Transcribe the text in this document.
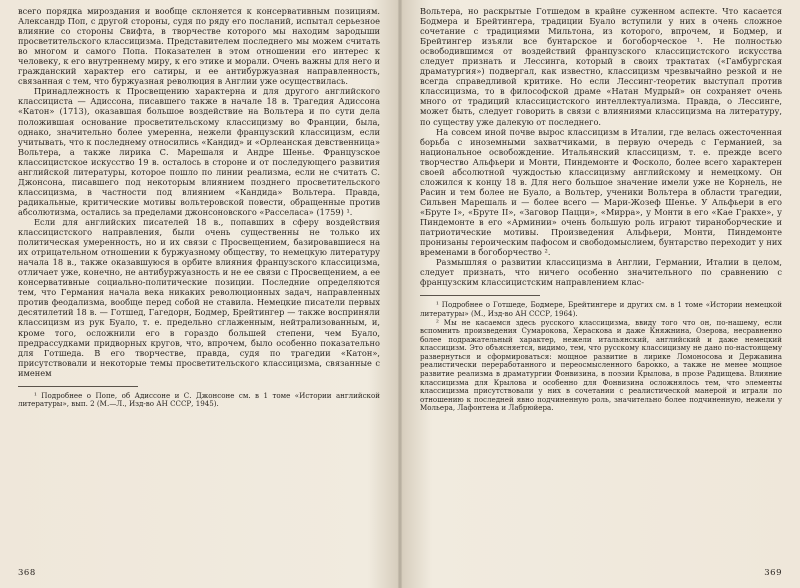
всего порядка мироздания и вообще склоняется к консервативным позициям. Александр Поп, с другой стороны, судя по ряду его посланий, испытал серьезное влияние со стороны Свифта, в творчестве которого мы находим зародыши просветительского классицизма. Представителем последнего мы можем считать во многом и самого Попа. Показателен в этом отношении его интерес к человеку, к его внутреннему миру, к его этике и морали. Очень важны для него и гражданский характер его сатиры, и ее антибуржуазная направленность, связанная с тем, что буржуазная революция в Англии уже осуществилась.

Принадлежность к Просвещению характерна и для другого английского классициста — Адиссона, писавшего также в начале 18 в. Трагедия Адиссона «Катон» (1713), оказавшая большое воздействие на Вольтера и по сути дела положившая основание просветительскому классицизму во Франции, была, однако, значительно более умеренна, нежели французский классицизм, если учитывать, что к последнему относились «Кандид» и «Орлеанская девственница» Вольтера, а также лирика С. Марешаля и Андре Шенье. Французское классицистское искусство 19 в. осталось в стороне и от последующего развития английской литературы, которое пошло по линии реализма, если не считать С. Джонсона, писавшего под некоторым влиянием позднего просветительского классицизма, в частности под влиянием «Кандида» Вольтера. Правда, радикальные, критические мотивы вольтеровской повести, обращенные против абсолютизма, остались за пределами джонсоновского «Расселаса» (1759) ¹.

Если для английских писателей 18 в., попавших в сферу воздействия классицистского направления, были очень существенны не только их политическая умеренность, но и их связи с Просвещением, базировавшиеся на их отрицательном отношении к буржуазному обществу, то немецкую литературу начала 18 в., также оказавшуюся в орбите влияния французского классицизма, отличает уже, конечно, не антибуржуазность и не ее связи с Просвещением, а ее консервативные социально-политические позиции. Последние определяются тем, что Германия начала века никаких революционных задач, направленных против феодализма, вообще перед собой не ставила. Немецкие писатели первых десятилетий 18 в. — Готшед, Гагедорн, Бодмер, Брейтингер — также восприняли классицизм из рук Буало, т. е. предельно сглаженным, нейтрализованным, и, кроме того, осложнили его в гораздо большей степени, чем Буало, предрассудками придворных кругов, что, впрочем, было особенно показательно для Готшеда. В его творчестве, правда, судя по трагедии «Катон», присутствовали и некоторые темы просветительского классицизма, связанные с именем

¹ Подробнее о Попе, об Адиссоне и С. Джонсоне см. в 1 томе «Истории английской литературы», вып. 2 (М.—Л., Изд-во АН СССР, 1945).

368

Вольтера, но раскрытые Готшедом в крайне суженном аспекте. Что касается Бодмера и Брейтингера, традиции Буало вступили у них в очень сложное сочетание с традициями Мильтона, из которого, впрочем, и Бодмер, и Брейтингер изъяли все бунтарское и богоборческое ¹. Не полностью освободившимся от воздействий французского классицистского искусства следует признать и Лессинга, который в своих трактатах («Гамбургская драматургия») подвергал, как известно, классицизм чрезвычайно резкой и не всегда справедливой критике. Но если Лессинг-теоретик выступал против классицизма, то в философской драме «Натан Мудрый» он сохраняет очень много от традиций классицистского интеллектуализма. Правда, о Лессинге, может быть, следует говорить в связи с влияниями классицизма на литературу, по существу уже далекую от последнего.

На совсем иной почве вырос классицизм в Италии, где велась ожесточенная борьба с иноземными захватчиками, в первую очередь с Германией, за национальное освобождение. Итальянский классицизм, т. е. прежде всего творчество Альфьери и Монти, Пиндемонте и Фосколо, более всего характерен своей абсолютной чуждостью классицизму английскому и немецкому. Он сложился к концу 18 в. Для него большое значение имели уже не Корнель, не Расин и тем более не Буало, а Вольтер, ученики Вольтера в области трагедии, Сильвен Марешаль и — более всего — Мари-Жозеф Шенье. У Альфьери в его «Бруте I», «Бруте II», «Заговор Пацци», «Мирра», у Монти в его «Кае Гракхе», у Пиндемонте в его «Арминии» очень большую роль играют тираноборческие и патриотические мотивы. Произведения Альфьери, Монти, Пиндемонте пронизаны героическим пафосом и свободомыслием, бунтарство переходит у них временами в богоборчество ².

Размышляя о развитии классицизма в Англии, Германии, Италии в целом, следует признать, что ничего особенно значительного по сравнению с французским классицистским направлением клас-

¹ Подробнее о Готшеде, Бодмере, Брейтингере и других см. в 1 томе «Истории немецкой литературы» (М., Изд-во АН СССР, 1964).

² Мы не касаемся здесь русского классицизма, ввиду того что он, по-нашему, если вспомнить произведения Сумарокова, Хераскова и даже Княжнина, Озерова, несравненно более подражательный характер, нежели итальянский, английский и даже немецкий классицизм. Это объясняется, видимо, тем, что русскому классицизму не дано по-настоящему развернуться и сформироваться: мощное развитие в лирике Ломоносова и Державина реалистически переработанного и переосмысленного барокко, а также не менее мощное развитие реализма в драматургии Фонвизина, в поэзии Крылова, в прозе Радищева. Влияние классицизма для Крылова и особенно для Фонвизина осложнялось тем, что элементы классицизма присутствовали у них в сочетании с реалистической манерой и играли по отношению к последней явно подчиненную роль, значительно более подчиненную, нежели у Мольера, Лафонтена и Лабрюйера.

369
